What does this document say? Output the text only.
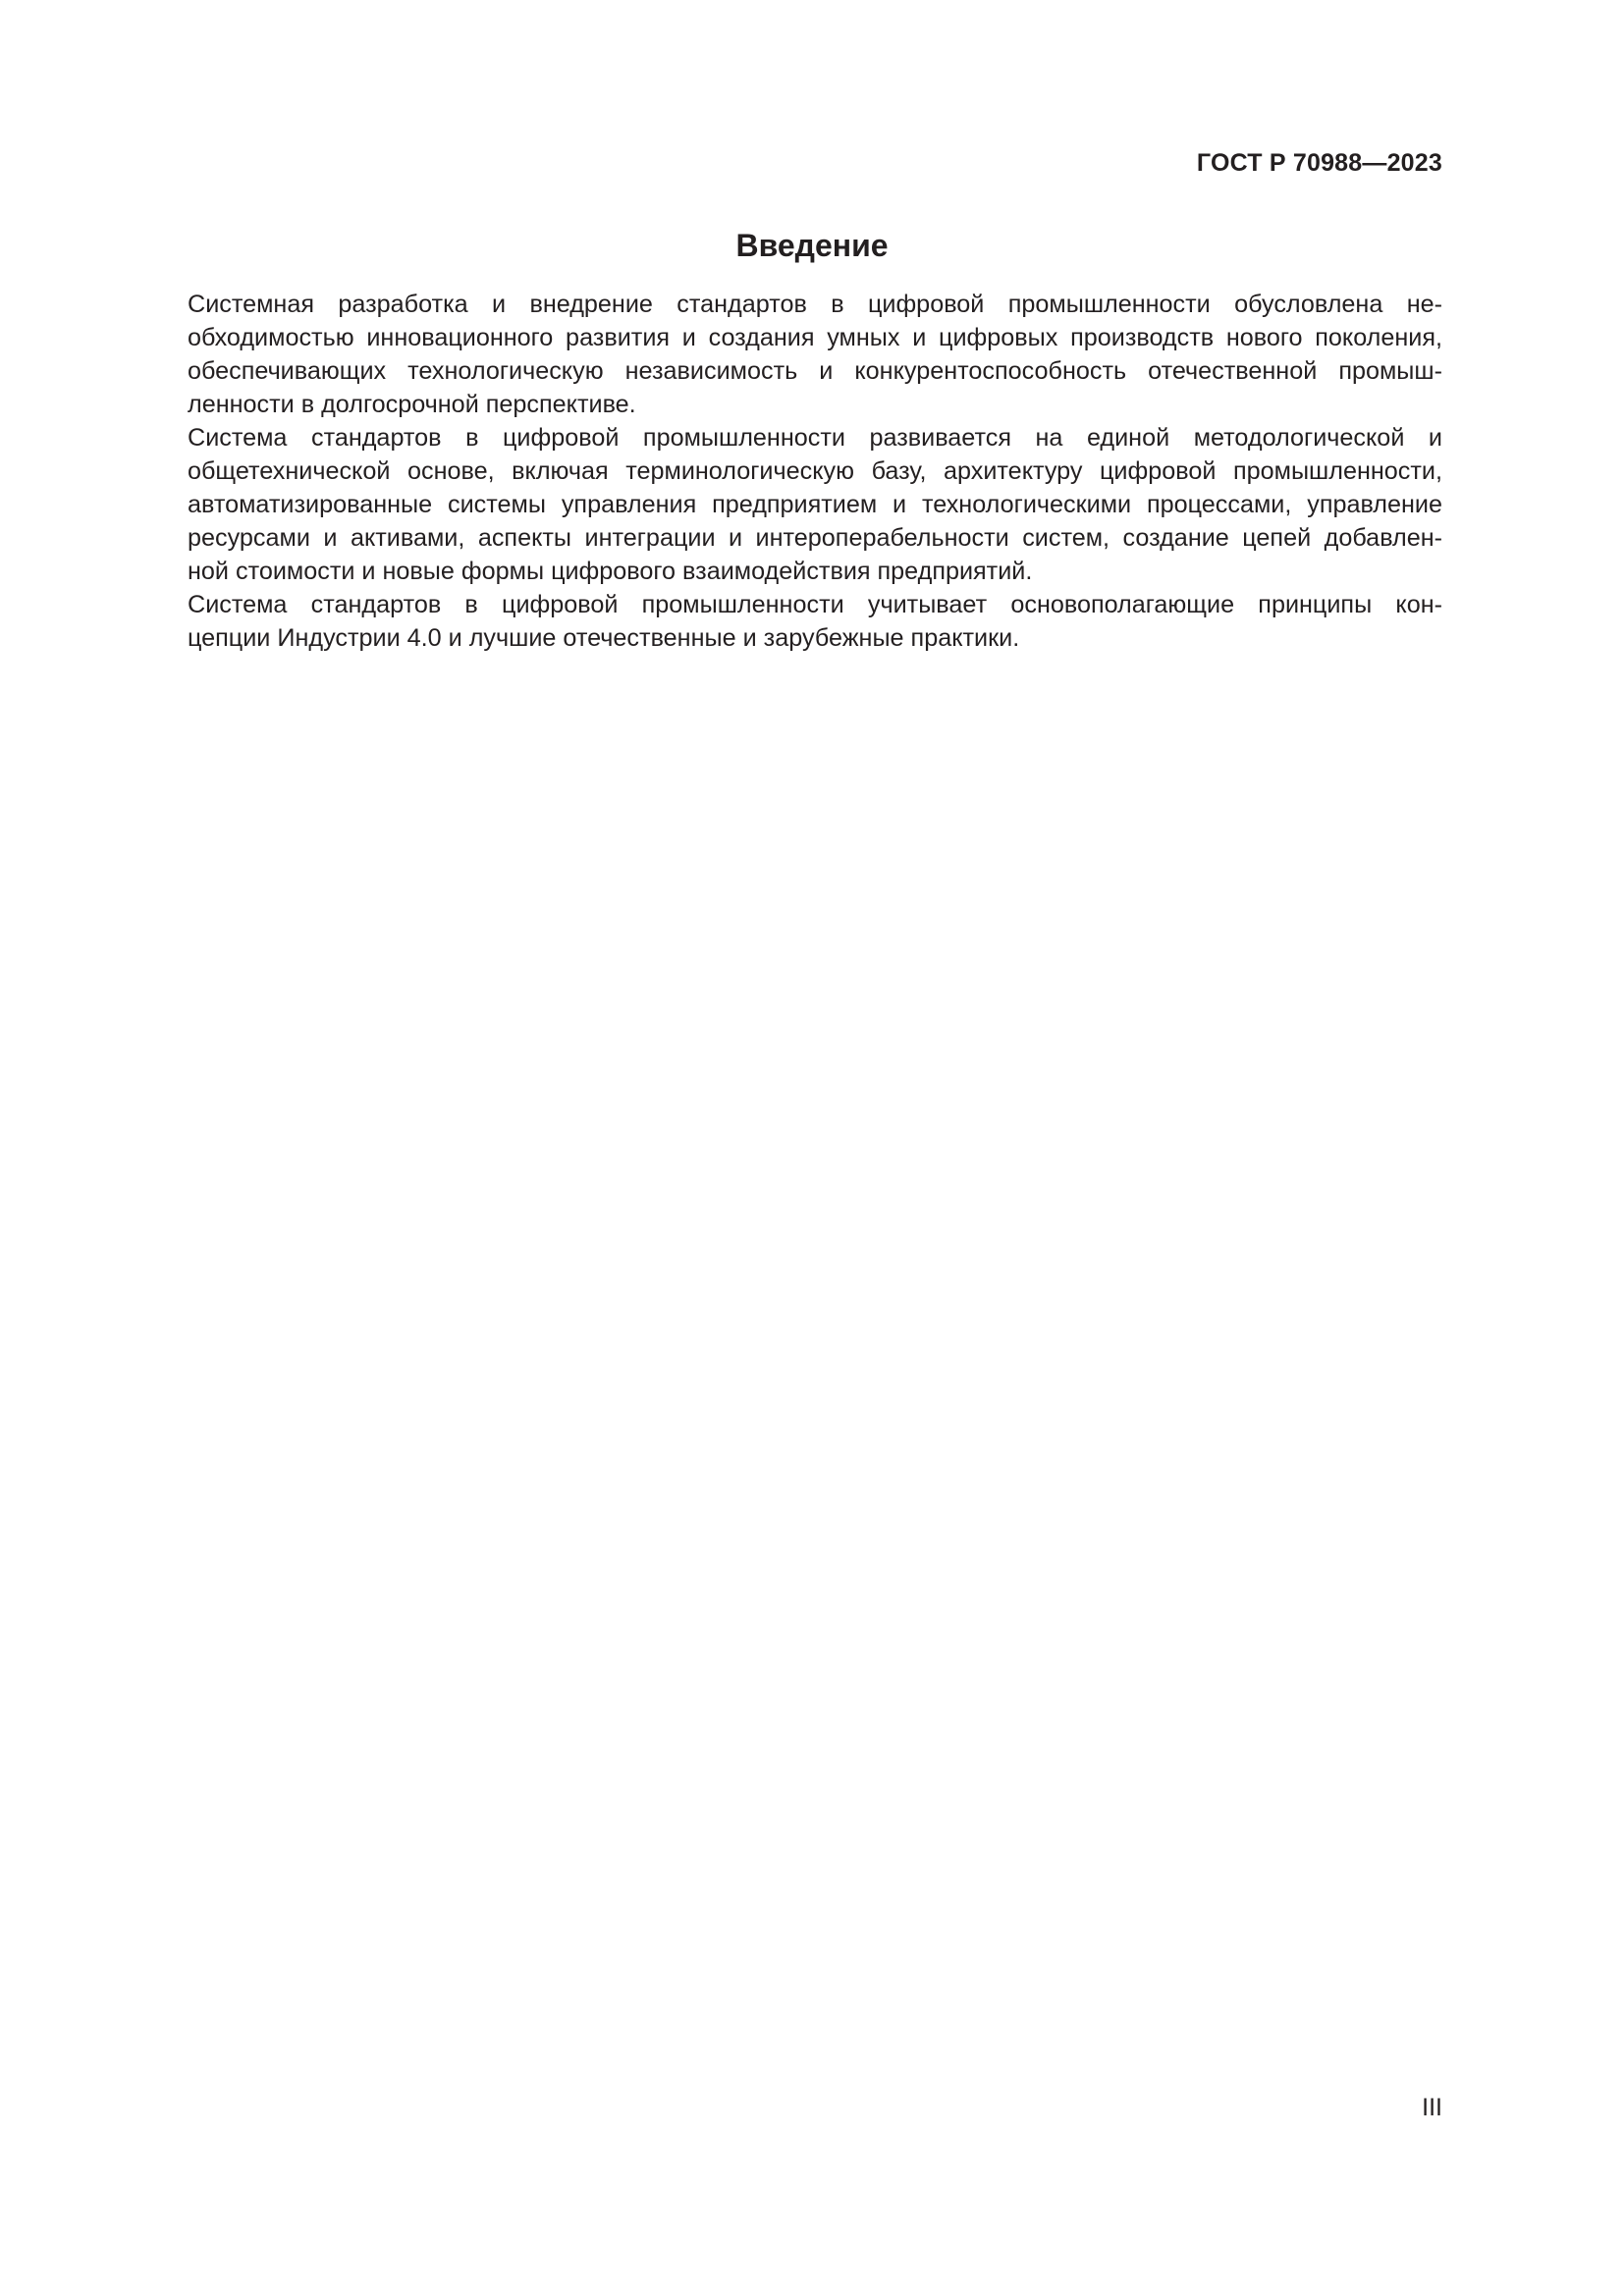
ГОСТ Р 70988—2023
Введение

Системная разработка и внедрение стандартов в цифровой промышленности обусловлена не-
обходимостью инновационного развития и создания умных и цифровых производств нового поколения,
обеспечивающих технологическую независимость и конкурентоспособность отечественной промыш-
ленности в долгосрочной перспективе.

Система стандартов в цифровой промышленности развивается на единой методологической и
общетехнической основе, включая терминологическую базу, архитектуру цифровой промышленности,
автоматизированные системы управления предприятием и технологическими процессами, управление
ресурсами и активами, аспекты интеграции и интероперабельности систем, создание цепей добавлен-
ной стоимости и новые формы цифрового взаимодействия предприятий.

Система стандартов в цифровой промышленности учитывает основополагающие принципы кон-
цепции Индустрии 4.0 и лучшие отечественные и зарубежные практики.

III
